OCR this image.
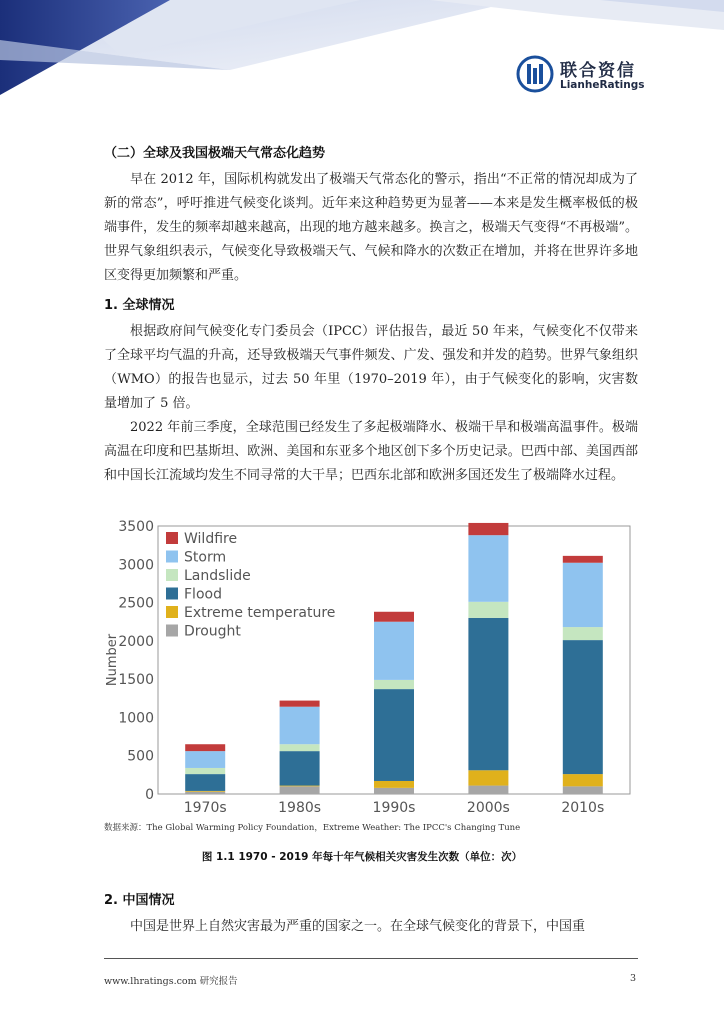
联合资信
LianheRatings
（二）全球及我国极端天气常态化趋势

早在 2012 年，国际机构就发出了极端天气常态化的警示，指出“不正常的情况却成为了新的常态”，呼吁推进气候变化谈判。近年来这种趋势更为显著——本来是发生概率极低的极端事件，发生的频率却越来越高，出现的地方越来越多。换言之，极端天气变得“不再极端”。世界气象组织表示，气候变化导致极端天气、气候和降水的次数正在增加，并将在世界许多地区变得更加频繁和严重。

1. 全球情况

根据政府间气候变化专门委员会（IPCC）评估报告，最近 50 年来，气候变化不仅带来了全球平均气温的升高，还导致极端天气事件频发、广发、强发和并发的趋势。世界气象组织（WMO）的报告也显示，过去 50 年里（1970–2019 年），由于气候变化的影响，灾害数量增加了 5 倍。

2022 年前三季度，全球范围已经发生了多起极端降水、极端干旱和极端高温事件。极端高温在印度和巴基斯坦、欧洲、美国和东亚多个地区创下多个历史记录。巴西中部、美国西部和中国长江流域均发生不同寻常的大干旱；巴西东北部和欧洲多国还发生了极端降水过程。

0
500
1000
1500
2000
2500
3000
3500
Number
1970s	1980s	1990s	2000s	2010s
Wildfire
Storm
Landslide
Flood
Extreme temperature
Drought
数据来源：The Global Warming Policy Foundation，Extreme Weather: The IPCC's Changing Tune
图 1.1 1970 - 2019 年每十年气候相关灾害发生次数（单位：次）
2. 中国情况

中国是世界上自然灾害最为严重的国家之一。在全球气候变化的背景下，中国重

www.lhratings.com 研究报告	3
